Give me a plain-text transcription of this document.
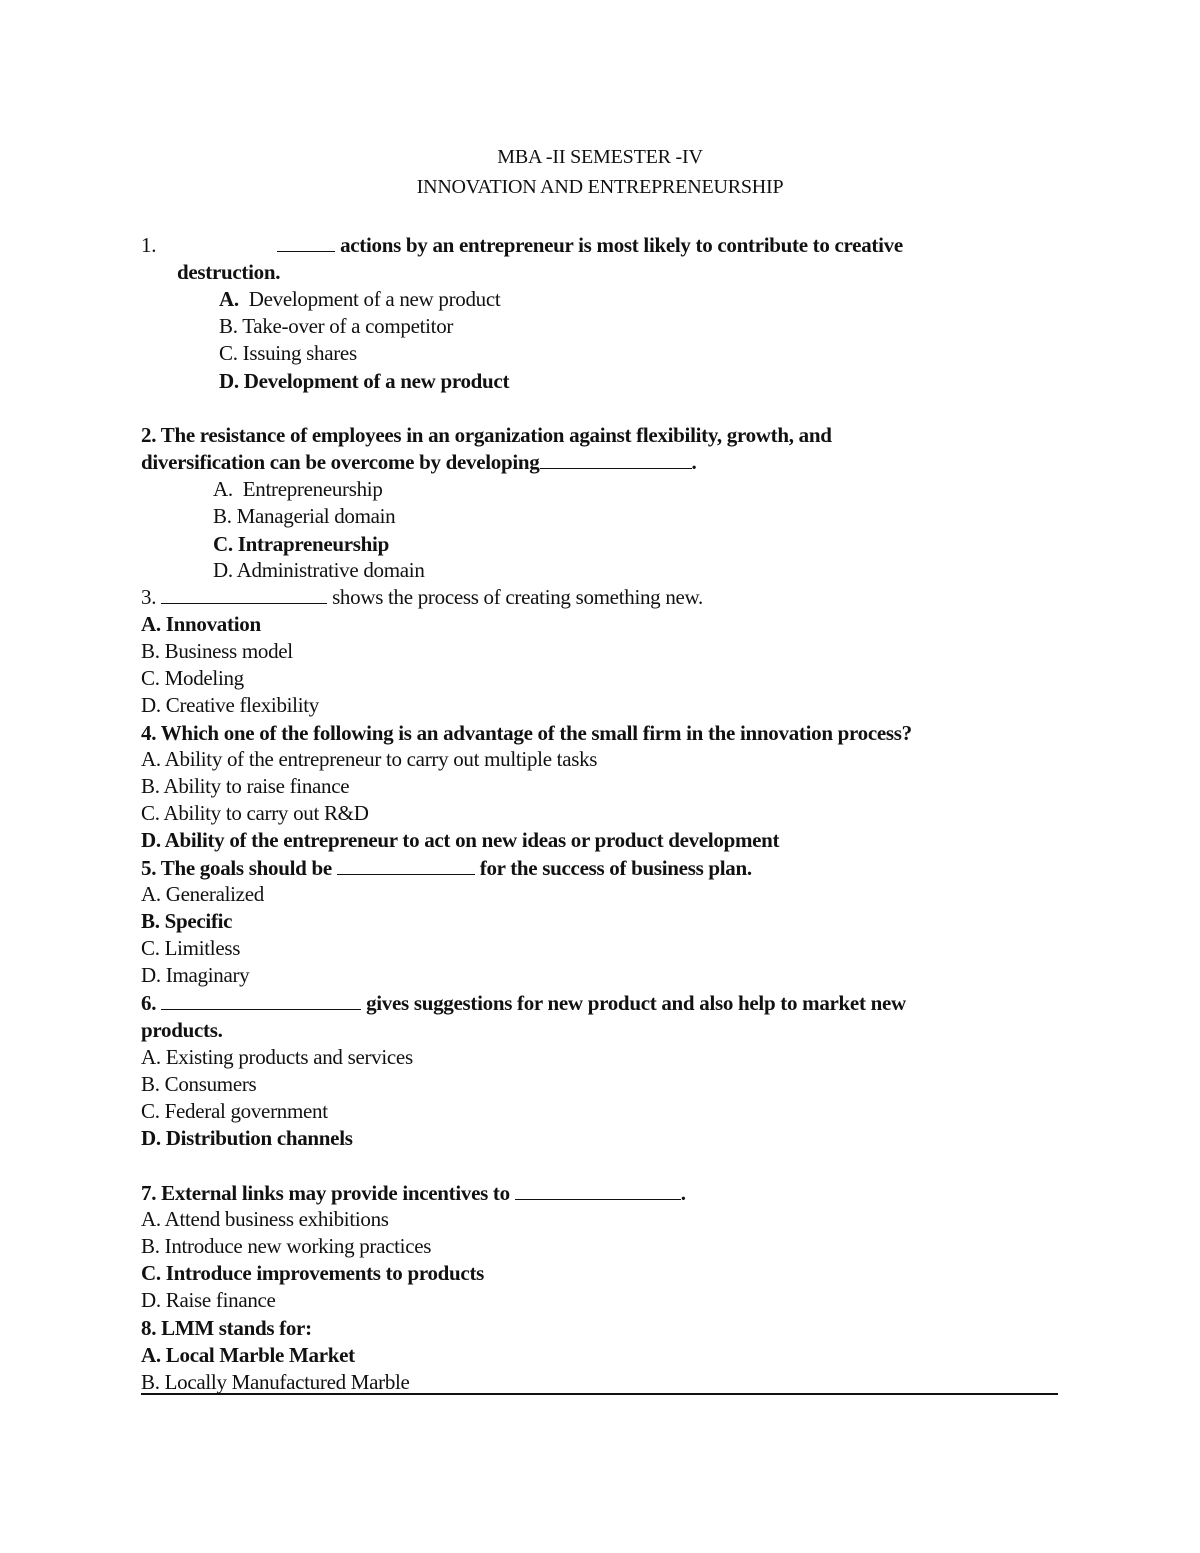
MBA -II SEMESTER -IV
INNOVATION AND ENTREPRENEURSHIP
1.	actions by an entrepreneur is most likely to contribute to creative
destruction.
A. Development of a new product
B. Take-over of a competitor
C. Issuing shares
D. Development of a new product
2. The resistance of employees in an organization against flexibility, growth, and
diversification can be overcome by developing	.
A. Entrepreneurship
B. Managerial domain
C. Intrapreneurship
D. Administrative domain
3.	shows the process of creating something new.
A. Innovation
B. Business model
C. Modeling
D. Creative flexibility
4. Which one of the following is an advantage of the small firm in the innovation process?
A. Ability of the entrepreneur to carry out multiple tasks
B. Ability to raise finance
C. Ability to carry out R&D
D. Ability of the entrepreneur to act on new ideas or product development
5. The goals should be	for the success of business plan.
A. Generalized
B. Specific
C. Limitless
D. Imaginary
6.	gives suggestions for new product and also help to market new
products.
A. Existing products and services
B. Consumers
C. Federal government
D. Distribution channels
7. External links may provide incentives to	.
A. Attend business exhibitions
B. Introduce new working practices
C. Introduce improvements to products
D. Raise finance
8. LMM stands for:
A. Local Marble Market
B. Locally Manufactured Marble
